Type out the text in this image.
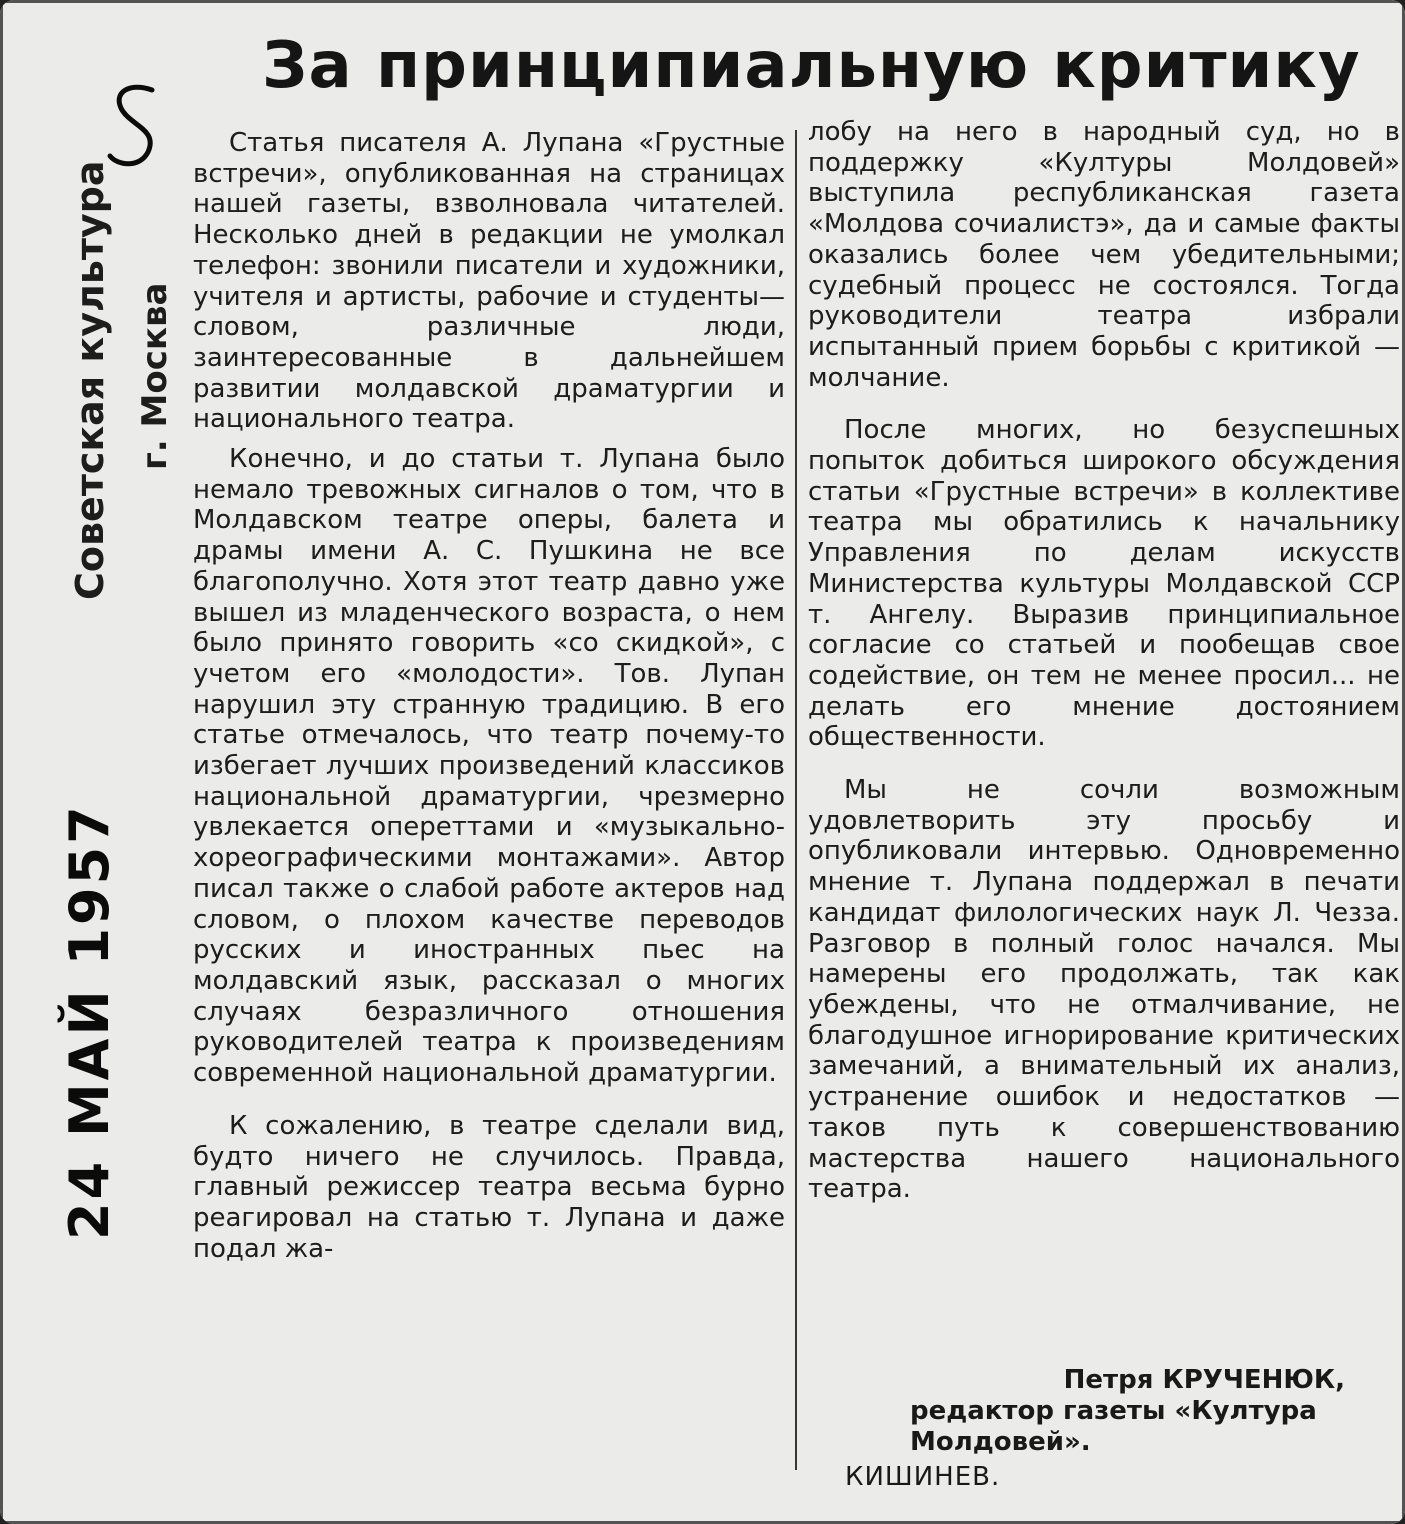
Советская культура г. Москва
24 МАЙ 1957
За принципиальную критику

Статья писателя А. Лупана «Грустные встречи», опубликованная на страницах нашей газеты, взволновала читателей. Несколько дней в редакции не умолкал телефон: звонили писатели и художники, учителя и артисты, рабочие и студенты—словом, различные люди, заинтересованные в дальнейшем развитии молдавской драматургии и национального театра.

Конечно, и до статьи т. Лупана было немало тревожных сигналов о том, что в Молдавском театре оперы, балета и драмы имени А. С. Пушкина не все благополучно. Хотя этот театр давно уже вышел из младенческого возраста, о нем было принято говорить «со скидкой», с учетом его «молодости». Тов. Лупан нарушил эту странную традицию. В его статье отмечалось, что театр почему-то избегает лучших произведений классиков национальной драматургии, чрезмерно увлекается опереттами и «музыкально-хореографическими монтажами». Автор писал также о слабой работе актеров над словом, о плохом качестве переводов русских и иностранных пьес на молдавский язык, рассказал о многих случаях безразличного отношения руководителей театра к произведениям современной национальной драматургии.

К сожалению, в театре сделали вид, будто ничего не случилось. Правда, главный режиссер театра весьма бурно реагировал на статью т. Лупана и даже подал жа-

лобу на него в народный суд, но в поддержку «Културы Молдовей» выступила республиканская газета «Молдова сочиалистэ», да и самые факты оказались более чем убедительными; судебный процесс не состоялся. Тогда руководители театра избрали испытанный прием борьбы с критикой — молчание.

После многих, но безуспешных попыток добиться широкого обсуждения статьи «Грустные встречи» в коллективе театра мы обратились к начальнику Управления по делам искусств Министерства культуры Молдавской ССР т. Ангелу. Выразив принципиальное согласие со статьей и пообещав свое содействие, он тем не менее просил... не делать его мнение достоянием общественности.

Мы не сочли возможным удовлетворить эту просьбу и опубликовали интервью. Одновременно мнение т. Лупана поддержал в печати кандидат филологических наук Л. Чезза. Разговор в полный голос начался. Мы намерены его продолжать, так как убеждены, что не отмалчивание, не благодушное игнорирование критических замечаний, а внимательный их анализ, устранение ошибок и недостатков — таков путь к совершенствованию мастерства нашего национального театра.

Петря КРУЧЕНЮК,
редактор газеты «Култура Молдовей».
КИШИНЕВ.
